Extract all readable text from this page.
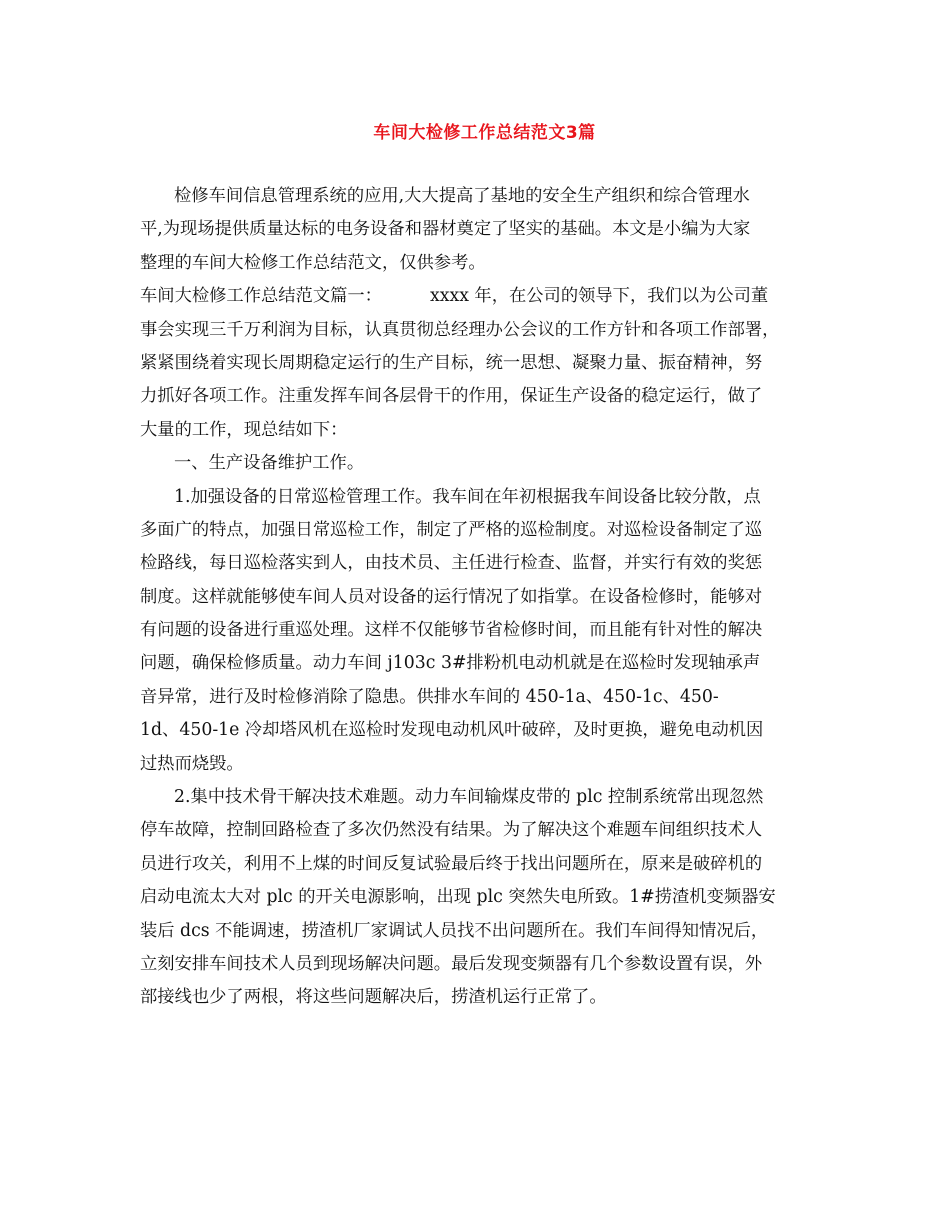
车间大检修工作总结范文3篇
检修车间信息管理系统的应用,大大提高了基地的安全生产组织和综合管理水
平,为现场提供质量达标的电务设备和器材奠定了坚实的基础。本文是小编为大家
整理的车间大检修工作总结范文，仅供参考。
车间大检修工作总结范文篇一：	xxxx 年，在公司的领导下，我们以为公司董
事会实现三千万利润为目标，认真贯彻总经理办公会议的工作方针和各项工作部署，
紧紧围绕着实现长周期稳定运行的生产目标，统一思想、凝聚力量、振奋精神，努
力抓好各项工作。注重发挥车间各层骨干的作用，保证生产设备的稳定运行，做了
大量的工作，现总结如下：
一、生产设备维护工作。
1.加强设备的日常巡检管理工作。我车间在年初根据我车间设备比较分散，点
多面广的特点，加强日常巡检工作，制定了严格的巡检制度。对巡检设备制定了巡
检路线，每日巡检落实到人，由技术员、主任进行检查、监督，并实行有效的奖惩
制度。这样就能够使车间人员对设备的运行情况了如指掌。在设备检修时，能够对
有问题的设备进行重巡处理。这样不仅能够节省检修时间，而且能有针对性的解决
问题，确保检修质量。动力车间 j103c 3#排粉机电动机就是在巡检时发现轴承声
音异常，进行及时检修消除了隐患。供排水车间的 450-1a、450-1c、450-
1d、450-1e 冷却塔风机在巡检时发现电动机风叶破碎，及时更换，避免电动机因
过热而烧毁。
2.集中技术骨干解决技术难题。动力车间输煤皮带的 plc 控制系统常出现忽然
停车故障，控制回路检查了多次仍然没有结果。为了解决这个难题车间组织技术人
员进行攻关，利用不上煤的时间反复试验最后终于找出问题所在，原来是破碎机的
启动电流太大对 plc 的开关电源影响，出现 plc 突然失电所致。1#捞渣机变频器安
装后 dcs 不能调速，捞渣机厂家调试人员找不出问题所在。我们车间得知情况后，
立刻安排车间技术人员到现场解决问题。最后发现变频器有几个参数设置有误，外
部接线也少了两根，将这些问题解决后，捞渣机运行正常了。
